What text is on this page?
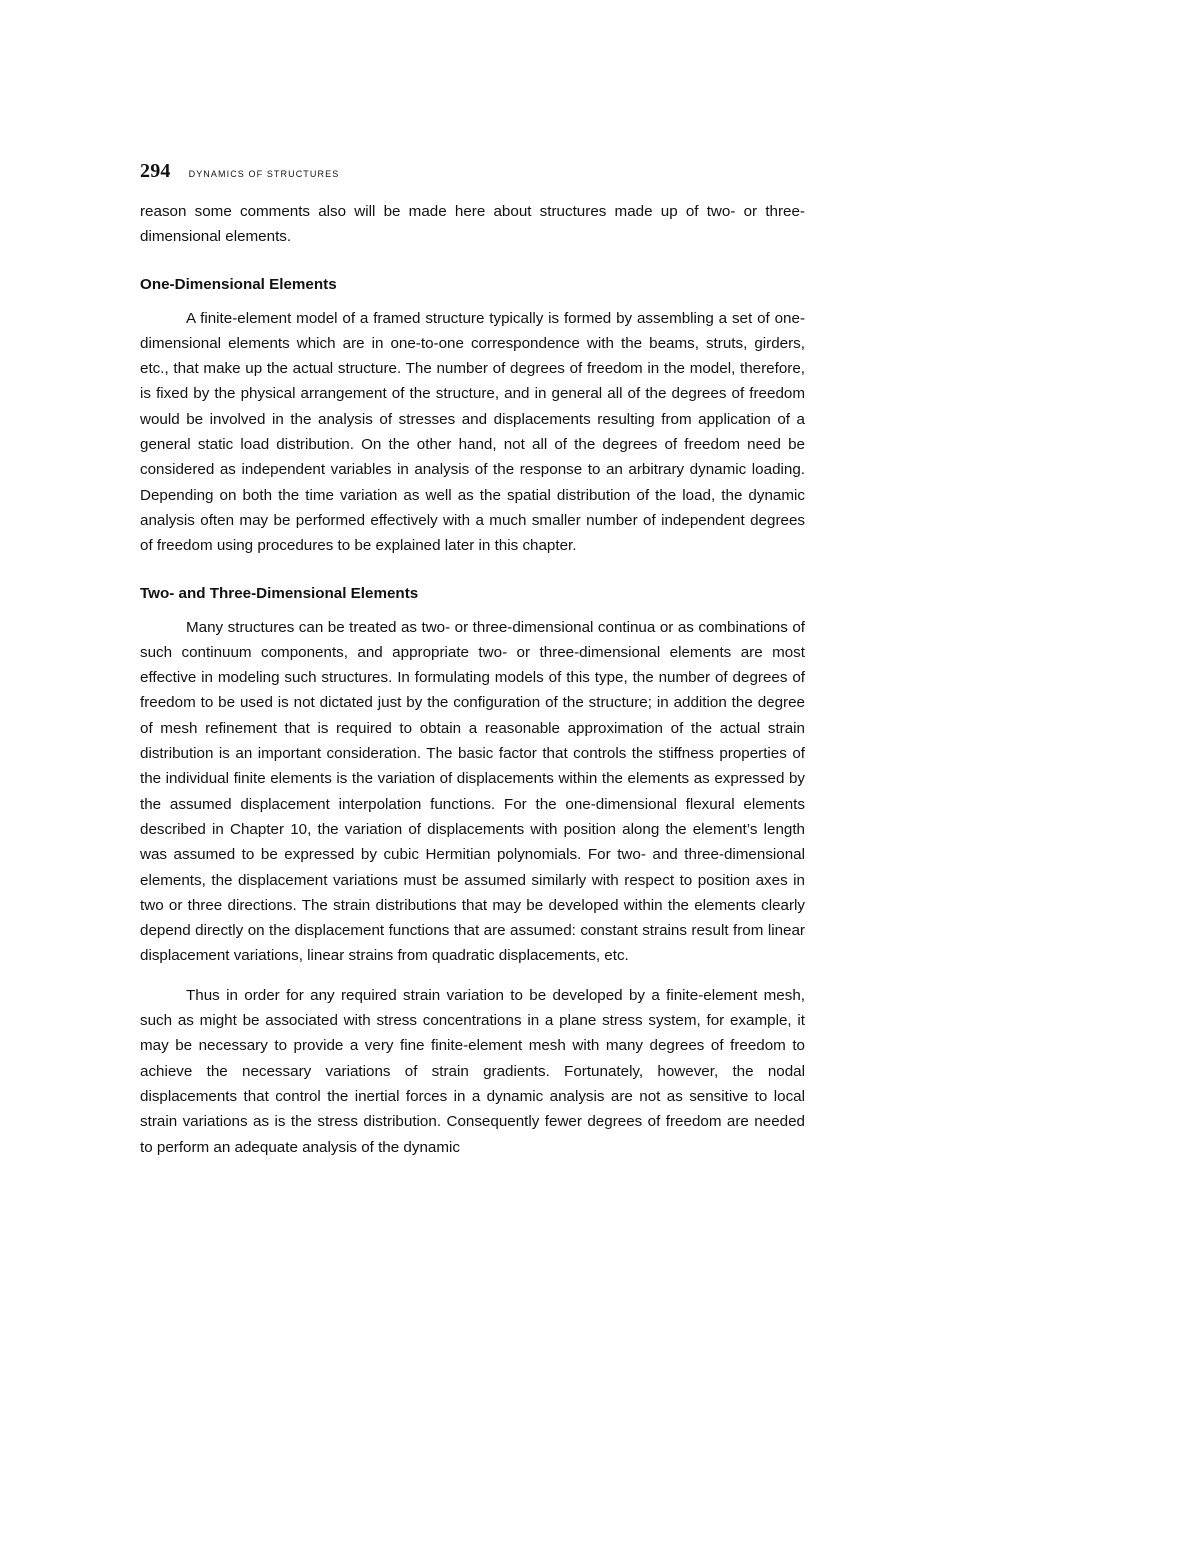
294 DYNAMICS OF STRUCTURES

reason some comments also will be made here about structures made up of two- or three-dimensional elements.

One-Dimensional Elements

A finite-element model of a framed structure typically is formed by assembling a set of one-dimensional elements which are in one-to-one correspondence with the beams, struts, girders, etc., that make up the actual structure. The number of degrees of freedom in the model, therefore, is fixed by the physical arrangement of the structure, and in general all of the degrees of freedom would be involved in the analysis of stresses and displacements resulting from application of a general static load distribution. On the other hand, not all of the degrees of freedom need be considered as independent variables in analysis of the response to an arbitrary dynamic loading. Depending on both the time variation as well as the spatial distribution of the load, the dynamic analysis often may be performed effectively with a much smaller number of independent degrees of freedom using procedures to be explained later in this chapter.

Two- and Three-Dimensional Elements

Many structures can be treated as two- or three-dimensional continua or as combinations of such continuum components, and appropriate two- or three-dimensional elements are most effective in modeling such structures. In formulating models of this type, the number of degrees of freedom to be used is not dictated just by the configuration of the structure; in addition the degree of mesh refinement that is required to obtain a reasonable approximation of the actual strain distribution is an important consideration. The basic factor that controls the stiffness properties of the individual finite elements is the variation of displacements within the elements as expressed by the assumed displacement interpolation functions. For the one-dimensional flexural elements described in Chapter 10, the variation of displacements with position along the element’s length was assumed to be expressed by cubic Hermitian polynomials. For two- and three-dimensional elements, the displacement variations must be assumed similarly with respect to position axes in two or three directions. The strain distributions that may be developed within the elements clearly depend directly on the displacement functions that are assumed: constant strains result from linear displacement variations, linear strains from quadratic displacements, etc.

Thus in order for any required strain variation to be developed by a finite-element mesh, such as might be associated with stress concentrations in a plane stress system, for example, it may be necessary to provide a very fine finite-element mesh with many degrees of freedom to achieve the necessary variations of strain gradients. Fortunately, however, the nodal displacements that control the inertial forces in a dynamic analysis are not as sensitive to local strain variations as is the stress distribution. Consequently fewer degrees of freedom are needed to perform an adequate analysis of the dynamic
